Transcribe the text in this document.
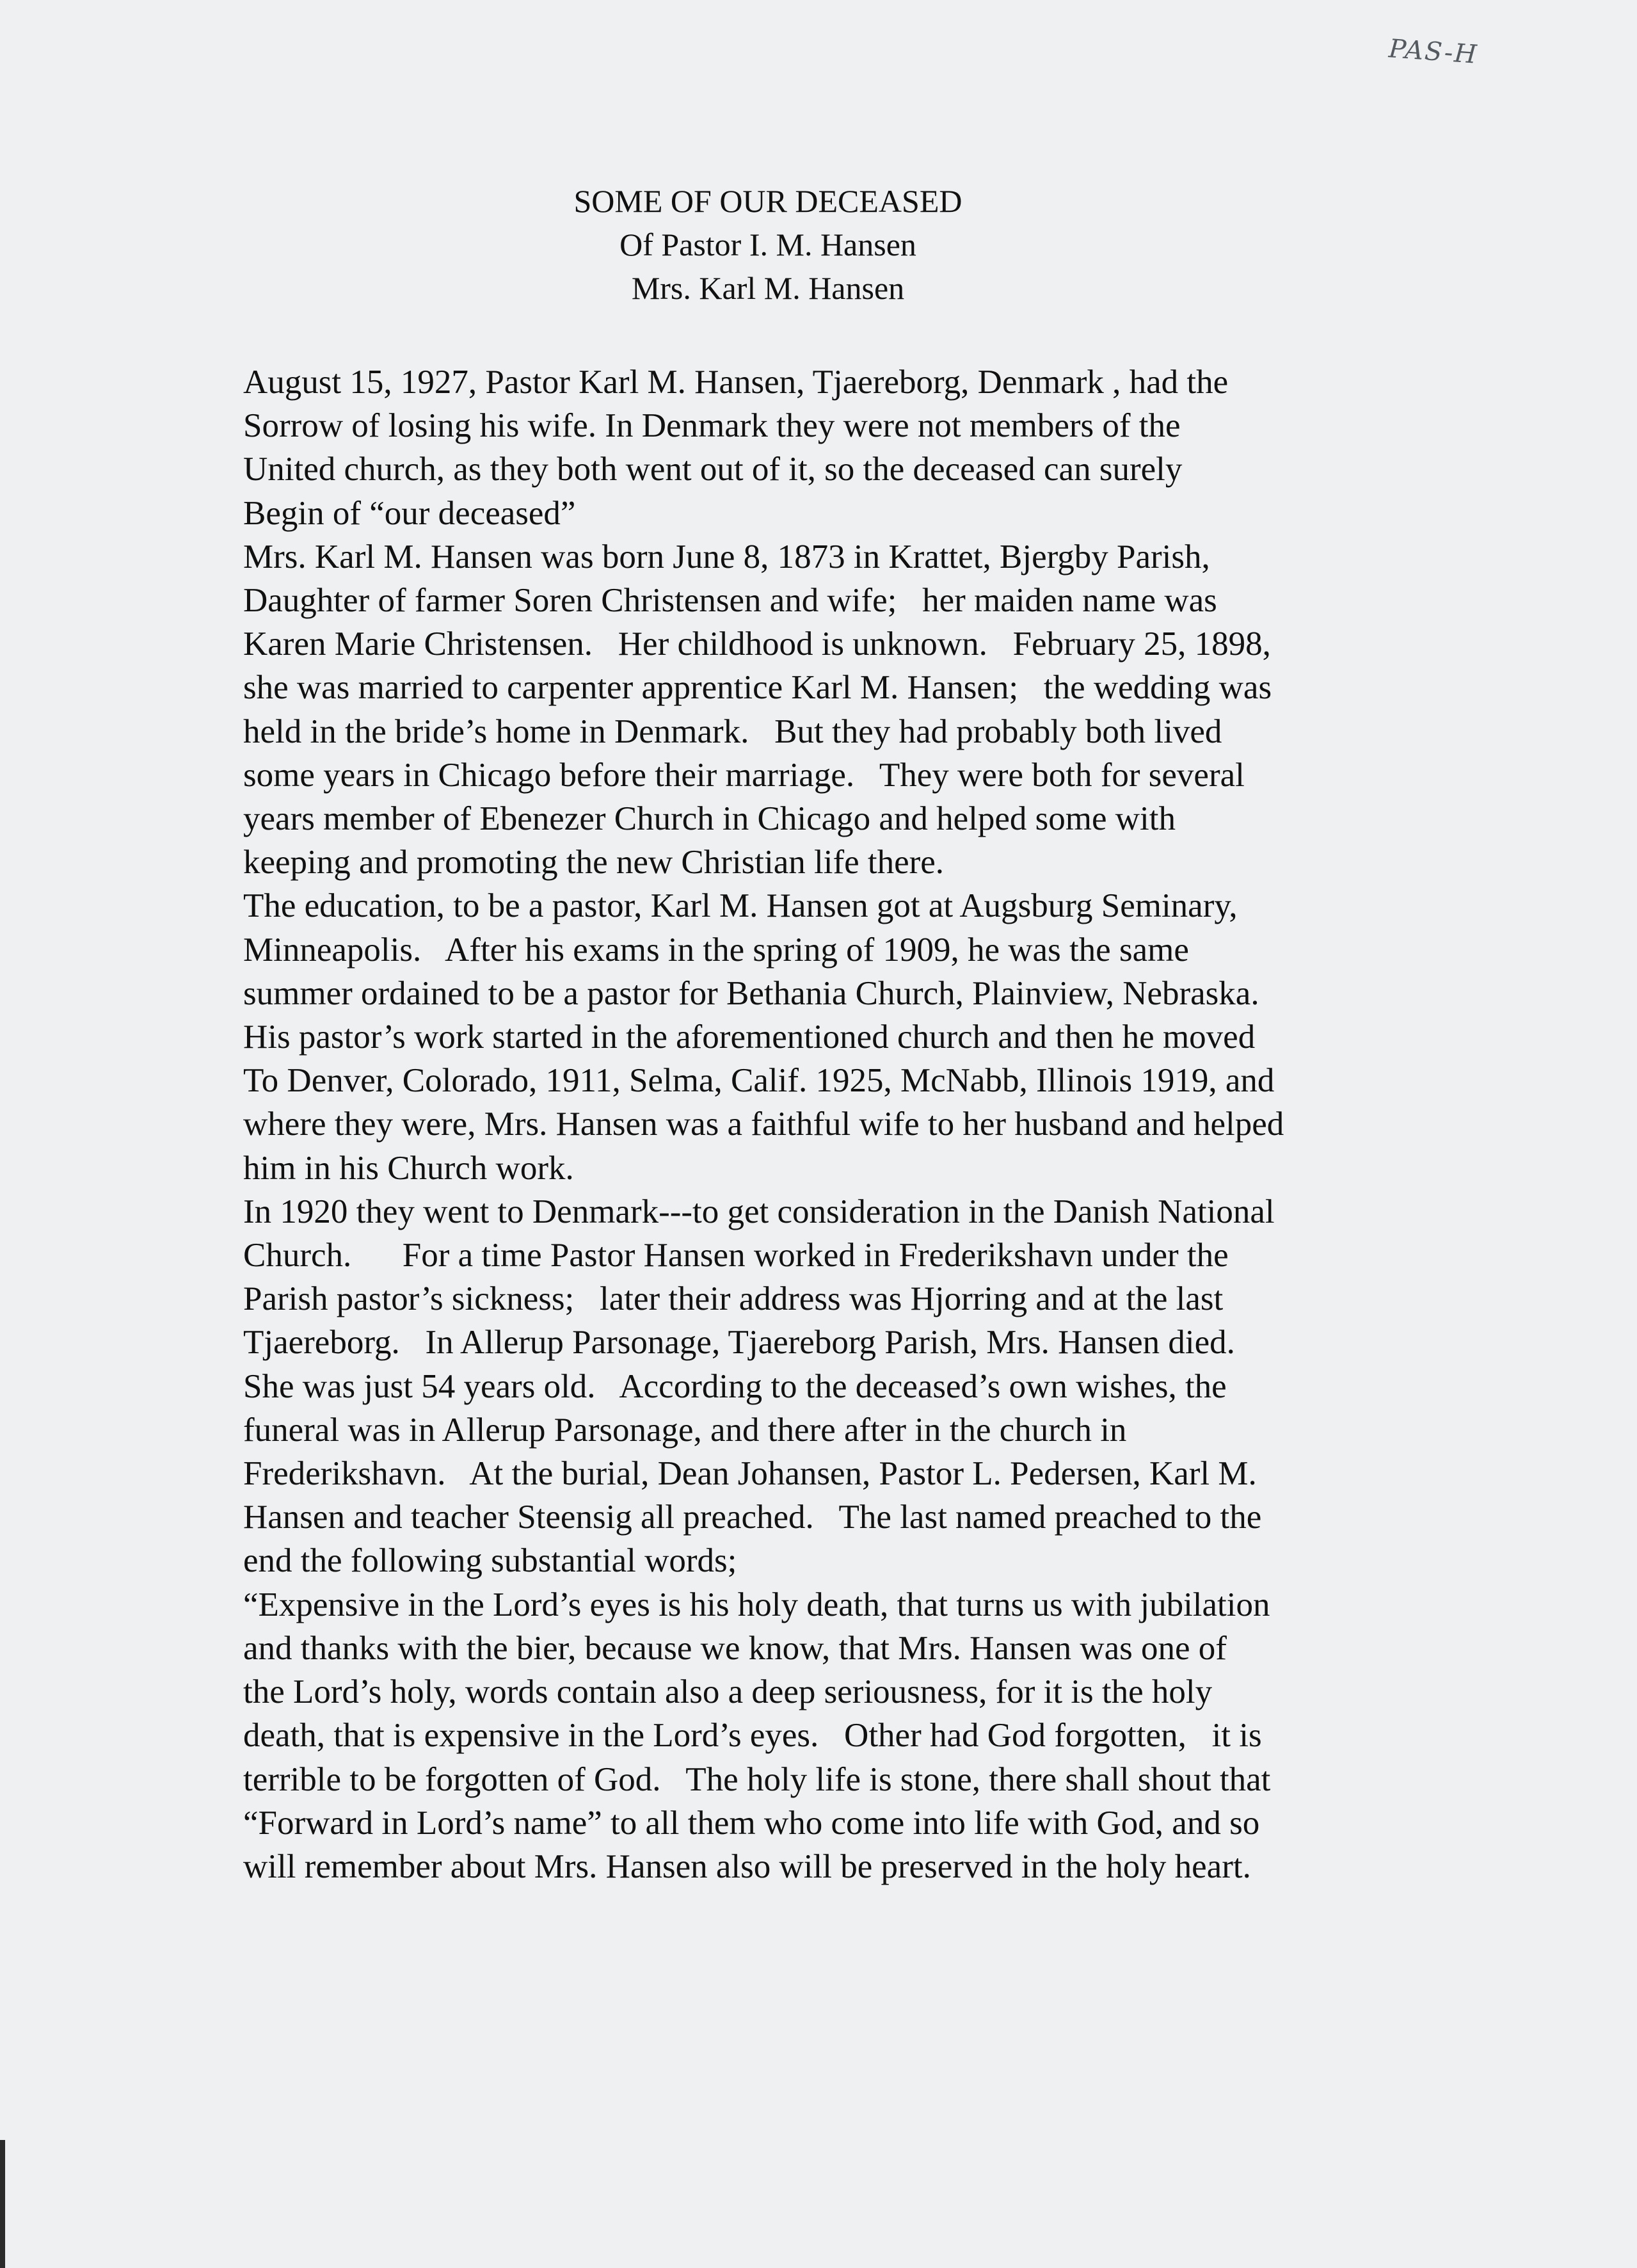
PAS-H
SOME OF OUR DECEASED
Of Pastor I. M. Hansen
Mrs. Karl M. Hansen
August 15, 1927, Pastor Karl M. Hansen, Tjaereborg, Denmark , had the
Sorrow of losing his wife. In Denmark they were not members of the
United church, as they both went out of it, so the deceased can surely
Begin of “our deceased”
Mrs. Karl M. Hansen was born June 8, 1873 in Krattet, Bjergby Parish,
Daughter of farmer Soren Christensen and wife;   her maiden name was
Karen Marie Christensen.   Her childhood is unknown.   February 25, 1898,
she was married to carpenter apprentice Karl M. Hansen;   the wedding was
held in the bride’s home in Denmark.   But they had probably both lived
some years in Chicago before their marriage.   They were both for several
years member of Ebenezer Church in Chicago and helped some with
keeping and promoting the new Christian life there.
The education, to be a pastor, Karl M. Hansen got at Augsburg Seminary,
Minneapolis.   After his exams in the spring of 1909, he was the same
summer ordained to be a pastor for Bethania Church, Plainview, Nebraska.
His pastor’s work started in the aforementioned church and then he moved
To Denver, Colorado, 1911, Selma, Calif. 1925, McNabb, Illinois 1919, and
where they were, Mrs. Hansen was a faithful wife to her husband and helped
him in his Church work.
In 1920 they went to Denmark---to get consideration in the Danish National
Church.      For a time Pastor Hansen worked in Frederikshavn under the
Parish pastor’s sickness;   later their address was Hjorring and at the last
Tjaereborg.   In Allerup Parsonage, Tjaereborg Parish, Mrs. Hansen died.
She was just 54 years old.   According to the deceased’s own wishes, the
funeral was in Allerup Parsonage, and there after in the church in
Frederikshavn.   At the burial, Dean Johansen, Pastor L. Pedersen, Karl M.
Hansen and teacher Steensig all preached.   The last named preached to the
end the following substantial words;
“Expensive in the Lord’s eyes is his holy death, that turns us with jubilation
and thanks with the bier, because we know, that Mrs. Hansen was one of
the Lord’s holy, words contain also a deep seriousness, for it is the holy
death, that is expensive in the Lord’s eyes.   Other had God forgotten,   it is
terrible to be forgotten of God.   The holy life is stone, there shall shout that
“Forward in Lord’s name” to all them who come into life with God, and so
will remember about Mrs. Hansen also will be preserved in the holy heart.
